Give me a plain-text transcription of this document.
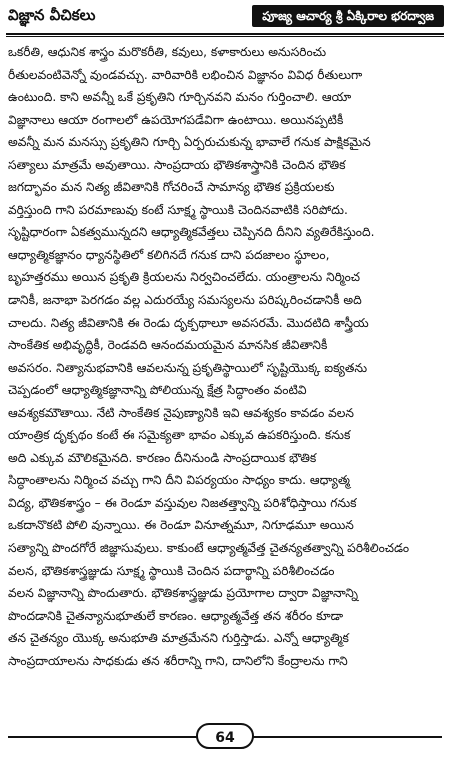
విజ్ఞాన వీచికలు	పూజ్య ఆచార్య శ్రీ ఏక్కిరాల భరద్వాజ
ఒకరీతి, ఆధునిక శాస్త్రం మరొకరీతి, కవులు, కళాకారులు అనుసరించు
రీతులవంటివెన్నో వుండవచ్చు. వారివారికి లభించిన విజ్ఞానం వివిధ రీతులుగా
ఉంటుంది. కాని అవన్నీ ఒకే ప్రకృతిని గూర్చినవని మనం గుర్తించాలి. ఆయా
విజ్ఞానాలు ఆయా రంగాలలో ఉపయోగపడేవిగా ఉంటాయి. అయినప్పటికీ
అవన్నీ మన మనస్సు ప్రకృతిని గూర్చి ఏర్పరుచుకున్న భావాలే గనుక పాక్షికమైన
సత్యాలు మాత్రమే అవుతాయి. సాంప్రదాయ భౌతికశాస్త్రానికి చెందిన భౌతిక
జగద్భావం మన నిత్య జీవితానికి గోచరించే సామాన్య భౌతిక ప్రక్రియలకు
వర్తిస్తుంది గాని పరమాణువు కంటే సూక్ష్మ స్థాయికి చెందినవాటికి సరిపోదు.
సృష్టిధారంగా ఏకత్వమున్నదని ఆధ్యాత్మికవేత్తలు చెప్పినది దీనిని వ్యతిరేకిస్తుంది.
ఆధ్యాత్మికజ్ఞానం ధ్యానస్థితిలో కలిగినదే గనుక దాని పదజాలం స్థూలం,
బృహత్తరము అయిన ప్రకృతి క్రియలను నిర్వచించలేదు. యంత్రాలను నిర్మించ
డానికీ, జనాభా పెరగడం వల్ల ఎదురయ్యే సమస్యలను పరిష్కరించడానికీ అది
చాలదు. నిత్య జీవితానికి ఈ రెండు దృక్పథాలూ అవసరమే. మొదటిది శాస్త్రీయ
సాంకేతిక అభివృద్ధికీ, రెండవది ఆనందమయమైన మానసిక జీవితానికీ
అవసరం. నిత్యానుభవానికి ఆవలనున్న ప్రకృతిస్థాయిలో సృష్టియొక్క ఐక్యతను
చెప్పడంలో ఆధ్యాత్మికజ్ఞానాన్ని పోలియున్న క్షేత్ర సిద్ధాంతం వంటివి
ఆవశ్యకమౌతాయి. నేటి సాంకేతిక నైపుణ్యానికి ఇవి ఆవశ్యకం కావడం వలన
యాంత్రిక దృక్పథం కంటే ఈ సమైక్యతా భావం ఎక్కువ ఉపకరిస్తుంది. కనుక
అది ఎక్కువ మౌలికమైనది. కారణం దీనినుండి సాంప్రదాయిక భౌతిక
సిద్ధాంతాలను నిర్మించ వచ్చు గాని దీని విపర్యయం సాధ్యం కాదు. ఆధ్యాత్మ
విద్య, భౌతికశాస్త్రం – ఈ రెండూ వస్తువుల నిజతత్త్వాన్ని పరిశోధిస్తాయి గనుక
ఒకదానొకటి పోలి వున్నాయి. ఈ రెండూ వినూత్నమూ, నిగూఢమూ అయిన
సత్యాన్ని పొందగోరే జిజ్ఞాసువులు. కాకుంటే ఆధ్యాత్మవేత్త చైతన్యతత్వాన్ని పరిశీలించడం
వలన, భౌతికశాస్త్రజ్ఞుడు సూక్ష్మ స్థాయికి చెందిన పదార్థాన్ని పరిశీలించడం
వలన విజ్ఞానాన్ని పొందుతారు. భౌతికశాస్త్రజ్ఞుడు ప్రయోగాల ద్వారా విజ్ఞానాన్ని
పొందడానికి చైతన్యానుభూతులే కారణం. ఆధ్యాత్మవేత్త తన శరీరం కూడా
తన చైతన్యం యొక్క అనుభూతి మాత్రమేనని గుర్తిస్తాడు. ఎన్నో ఆధ్యాత్మిక
సాంప్రదాయాలను సాధకుడు తన శరీరాన్ని గాని, దానిలోని కేంద్రాలను గాని
64
